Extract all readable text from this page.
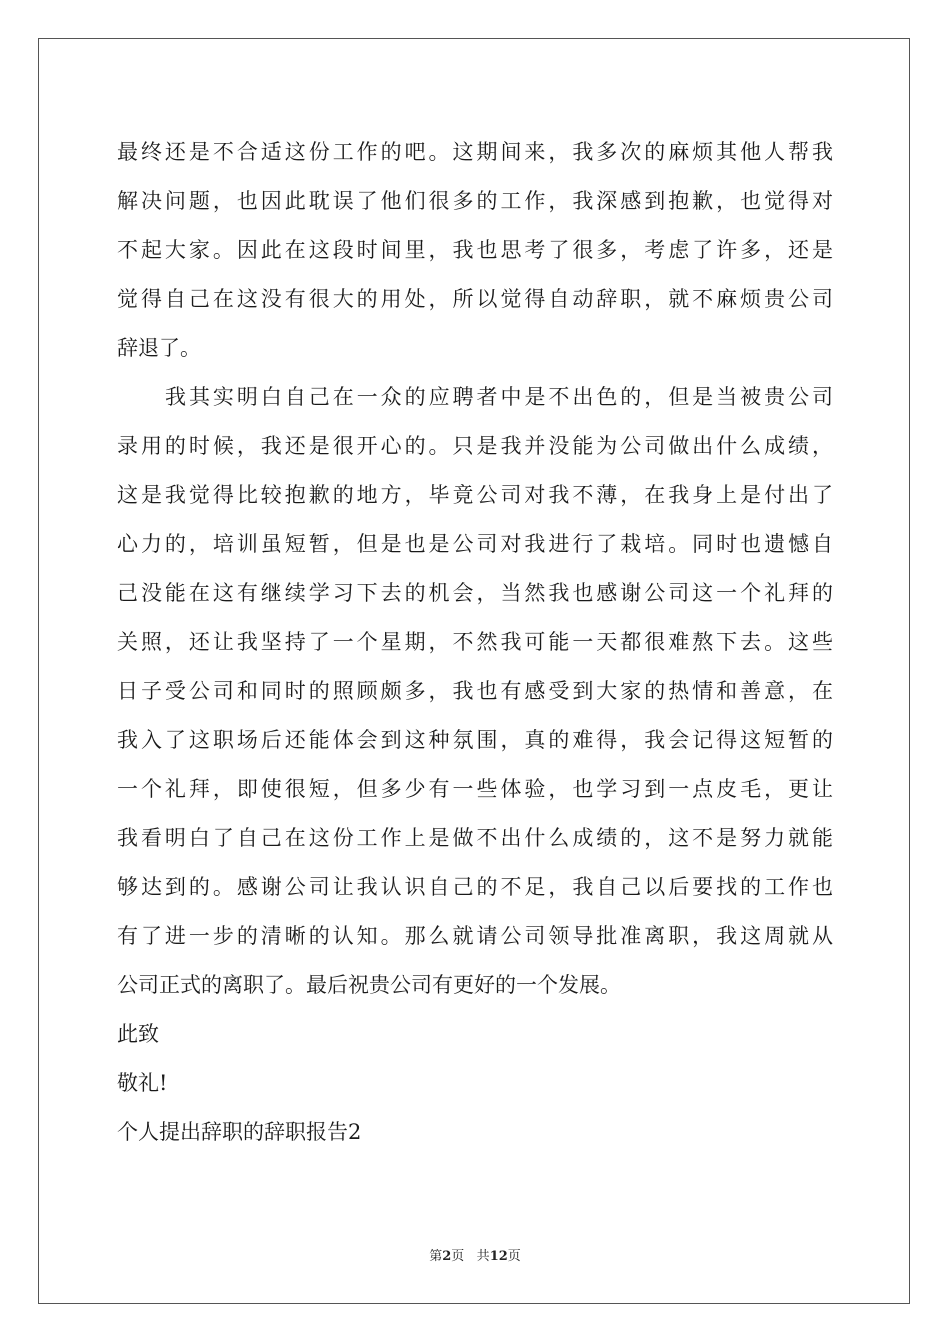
最终还是不合适这份工作的吧。这期间来，我多次的麻烦其他人帮我
解决问题，也因此耽误了他们很多的工作，我深感到抱歉，也觉得对
不起大家。因此在这段时间里，我也思考了很多，考虑了许多，还是
觉得自己在这没有很大的用处，所以觉得自动辞职，就不麻烦贵公司
辞退了。
我其实明白自己在一众的应聘者中是不出色的，但是当被贵公司
录用的时候，我还是很开心的。只是我并没能为公司做出什么成绩，
这是我觉得比较抱歉的地方，毕竟公司对我不薄，在我身上是付出了
心力的，培训虽短暂，但是也是公司对我进行了栽培。同时也遗憾自
己没能在这有继续学习下去的机会，当然我也感谢公司这一个礼拜的
关照，还让我坚持了一个星期，不然我可能一天都很难熬下去。这些
日子受公司和同时的照顾颇多，我也有感受到大家的热情和善意，在
我入了这职场后还能体会到这种氛围，真的难得，我会记得这短暂的
一个礼拜，即使很短，但多少有一些体验，也学习到一点皮毛，更让
我看明白了自己在这份工作上是做不出什么成绩的，这不是努力就能
够达到的。感谢公司让我认识自己的不足，我自己以后要找的工作也
有了进一步的清晰的认知。那么就请公司领导批准离职，我这周就从
公司正式的离职了。最后祝贵公司有更好的一个发展。
此致
敬礼!
个人提出辞职的辞职报告2
第2页 共12页
